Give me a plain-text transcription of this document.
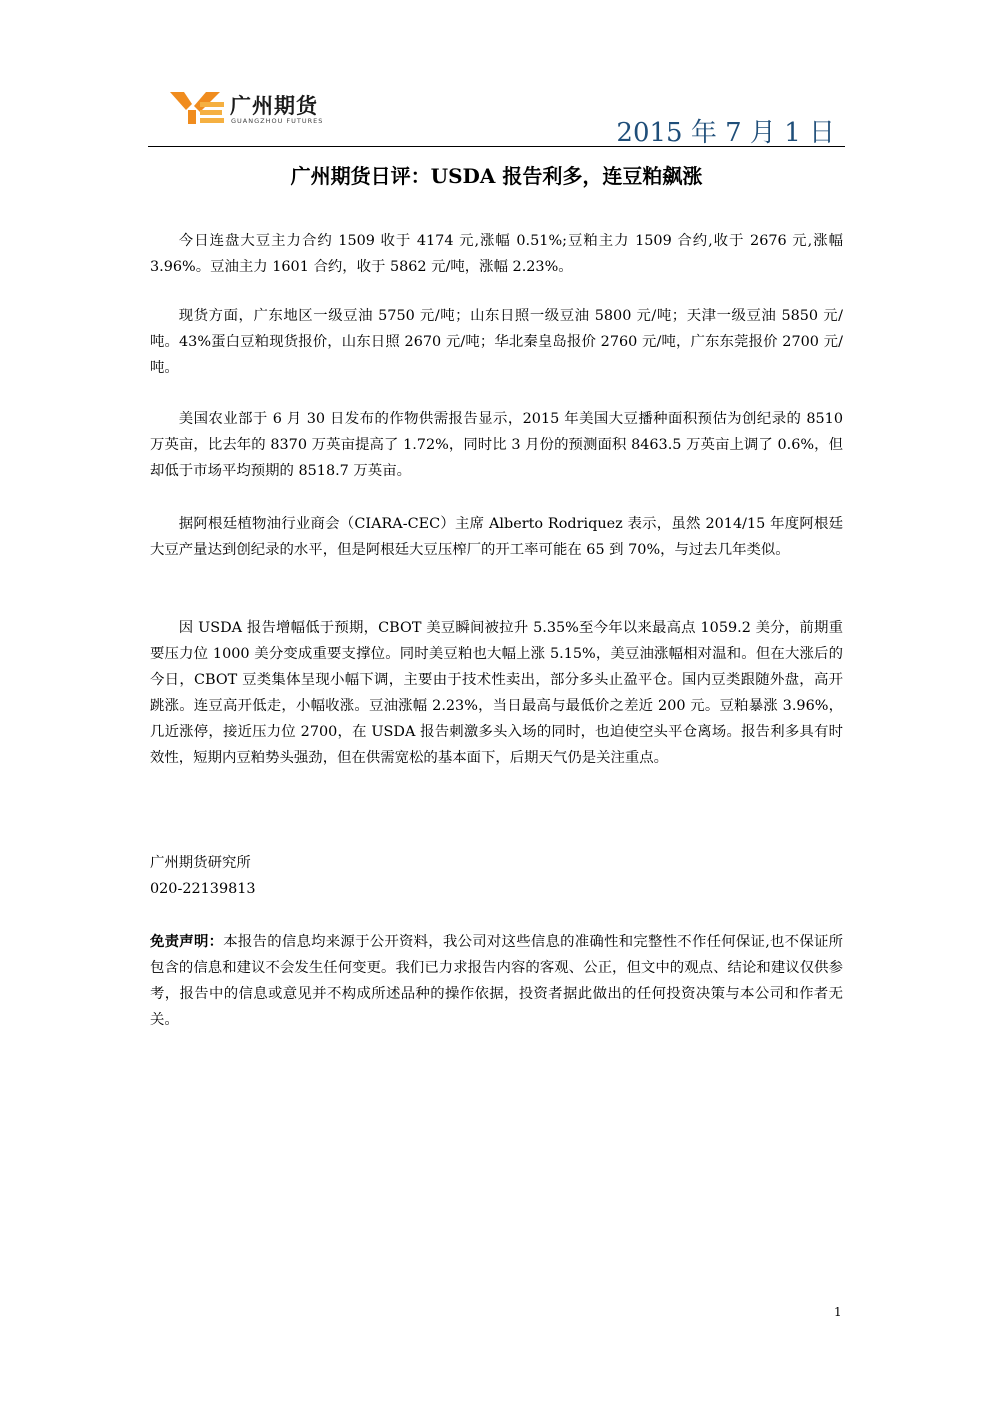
广州期货
GUANGZHOU FUTURES	2015 年 7 月 1 日
广州期货日评：USDA 报告利多，连豆粕飙涨

今日连盘大豆主力合约 1509 收于 4174 元,涨幅 0.51%;豆粕主力 1509 合约,收于 2676 元,涨幅 3.96%。豆油主力 1601 合约，收于 5862 元/吨，涨幅 2.23%。

现货方面，广东地区一级豆油 5750 元/吨；山东日照一级豆油 5800 元/吨；天津一级豆油 5850 元/吨。43%蛋白豆粕现货报价，山东日照 2670 元/吨；华北秦皇岛报价 2760 元/吨，广东东莞报价 2700 元/吨。

美国农业部于 6 月 30 日发布的作物供需报告显示，2015 年美国大豆播种面积预估为创纪录的 8510 万英亩，比去年的 8370 万英亩提高了 1.72%，同时比 3 月份的预测面积 8463.5 万英亩上调了 0.6%，但却低于市场平均预期的 8518.7 万英亩。

据阿根廷植物油行业商会（CIARA-CEC）主席 Alberto Rodriquez 表示，虽然 2014/15 年度阿根廷大豆产量达到创纪录的水平，但是阿根廷大豆压榨厂的开工率可能在 65 到 70%，与过去几年类似。

因 USDA 报告增幅低于预期，CBOT 美豆瞬间被拉升 5.35%至今年以来最高点 1059.2 美分，前期重要压力位 1000 美分变成重要支撑位。同时美豆粕也大幅上涨 5.15%，美豆油涨幅相对温和。但在大涨后的今日，CBOT 豆类集体呈现小幅下调，主要由于技术性卖出，部分多头止盈平仓。国内豆类跟随外盘，高开跳涨。连豆高开低走，小幅收涨。豆油涨幅 2.23%，当日最高与最低价之差近 200 元。豆粕暴涨 3.96%，几近涨停，接近压力位 2700，在 USDA 报告刺激多头入场的同时，也迫使空头平仓离场。报告利多具有时效性，短期内豆粕势头强劲，但在供需宽松的基本面下，后期天气仍是关注重点。

广州期货研究所
020-22139813

免责声明：本报告的信息均来源于公开资料，我公司对这些信息的准确性和完整性不作任何保证,也不保证所包含的信息和建议不会发生任何变更。我们已力求报告内容的客观、公正，但文中的观点、结论和建议仅供参考，报告中的信息或意见并不构成所述品种的操作依据，投资者据此做出的任何投资决策与本公司和作者无关。

1
